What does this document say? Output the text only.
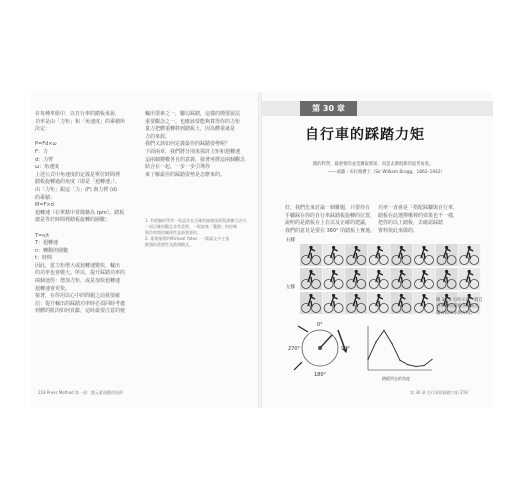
在每種車組中，以自行車的踏板來說，

功率是由「力矩」和「角速度」的乘積所

決定：

P=Fd×ω

F：力

d：力臂

ω：角速度

上述公式中角速度的定義是單位時間裡

踏板旋轉過的角度（即是「迴轉速」）。

由「力矩」跟這「力」(F) 與力臂 (d)

的乘積：

M=F×d

迴轉速（在單錶中常簡稱為 rpm）。踏板

總是等於時間裡踏板旋轉的圈數：

T=n/t

T：迴轉速

n：轉動的圈數

t：時間

因此，當力矩增大或迴轉速變快，輸出

的功率也會變大。所以，提升踩踏功率的

兩個途徑：增加力矩，或是加快迴轉速

迴轉速會更快。

接著，在你用以心中的問題之前我要確

信：提升輸出的踩踏功率時必須同時考慮

到體的肌肉如何貢獻，這時最要注意的便

輸出要素之一，腳勾踩踏，這樣的簡要說法

重要觀念之一。也應該要能夠算得你的力矩

量力把體重轉移到踏板上，因為體重就是

力的來源。

我們又該如何定義最佳的踩踏姿勢呢？

下面兩章，我們將分別來探討力矩和迴轉速

這兩個變數各自的意義，接著再將這兩個觀念

結合在一起，一步一步引導你

來了解最佳的踩踏姿勢是怎麼來的。

1. 有經驗的學者一致認為在正確的踩踏技術與訓練方法中，

一項正確的觀念非常重要，一般說來「雙踏」的控制

與功率間的關係性是最重要的。

2. 專業指導的Michael Yates：一篇論文中主張

踏頻的重要性及踏頻模式。

218 Press Method 第一部：跑元素運動的技術
第 30 章
自行車的踩踏力矩
踏的科學，最重要的並是獲取新知，而是去發現新的思考角度。
——威廉・布拉格爵士（Sir William Bragg，1862–1942）

好，我們先來討論一個難題，只要你有

手腳踩在你的自行車踩踏板旋轉的位置，

說明的是踏板在上在以及正確的建議，

我們的意見是要在 360° 的踏板上實施。

功率一直會是「搭配踩腳與自行車，

踏板在此選擇哪裡的效果也不一樣，

把你的以上踏板，去確認踩踏

資料依此來做的。

右腳
左腳
0°
90°
180°
270°
踏板所在的角度

圖 30.1 力矩示意：騎自行車時在踏板各個角度，施力的大小與方向。

第 30 章 自行車的踩踏力矩 219
